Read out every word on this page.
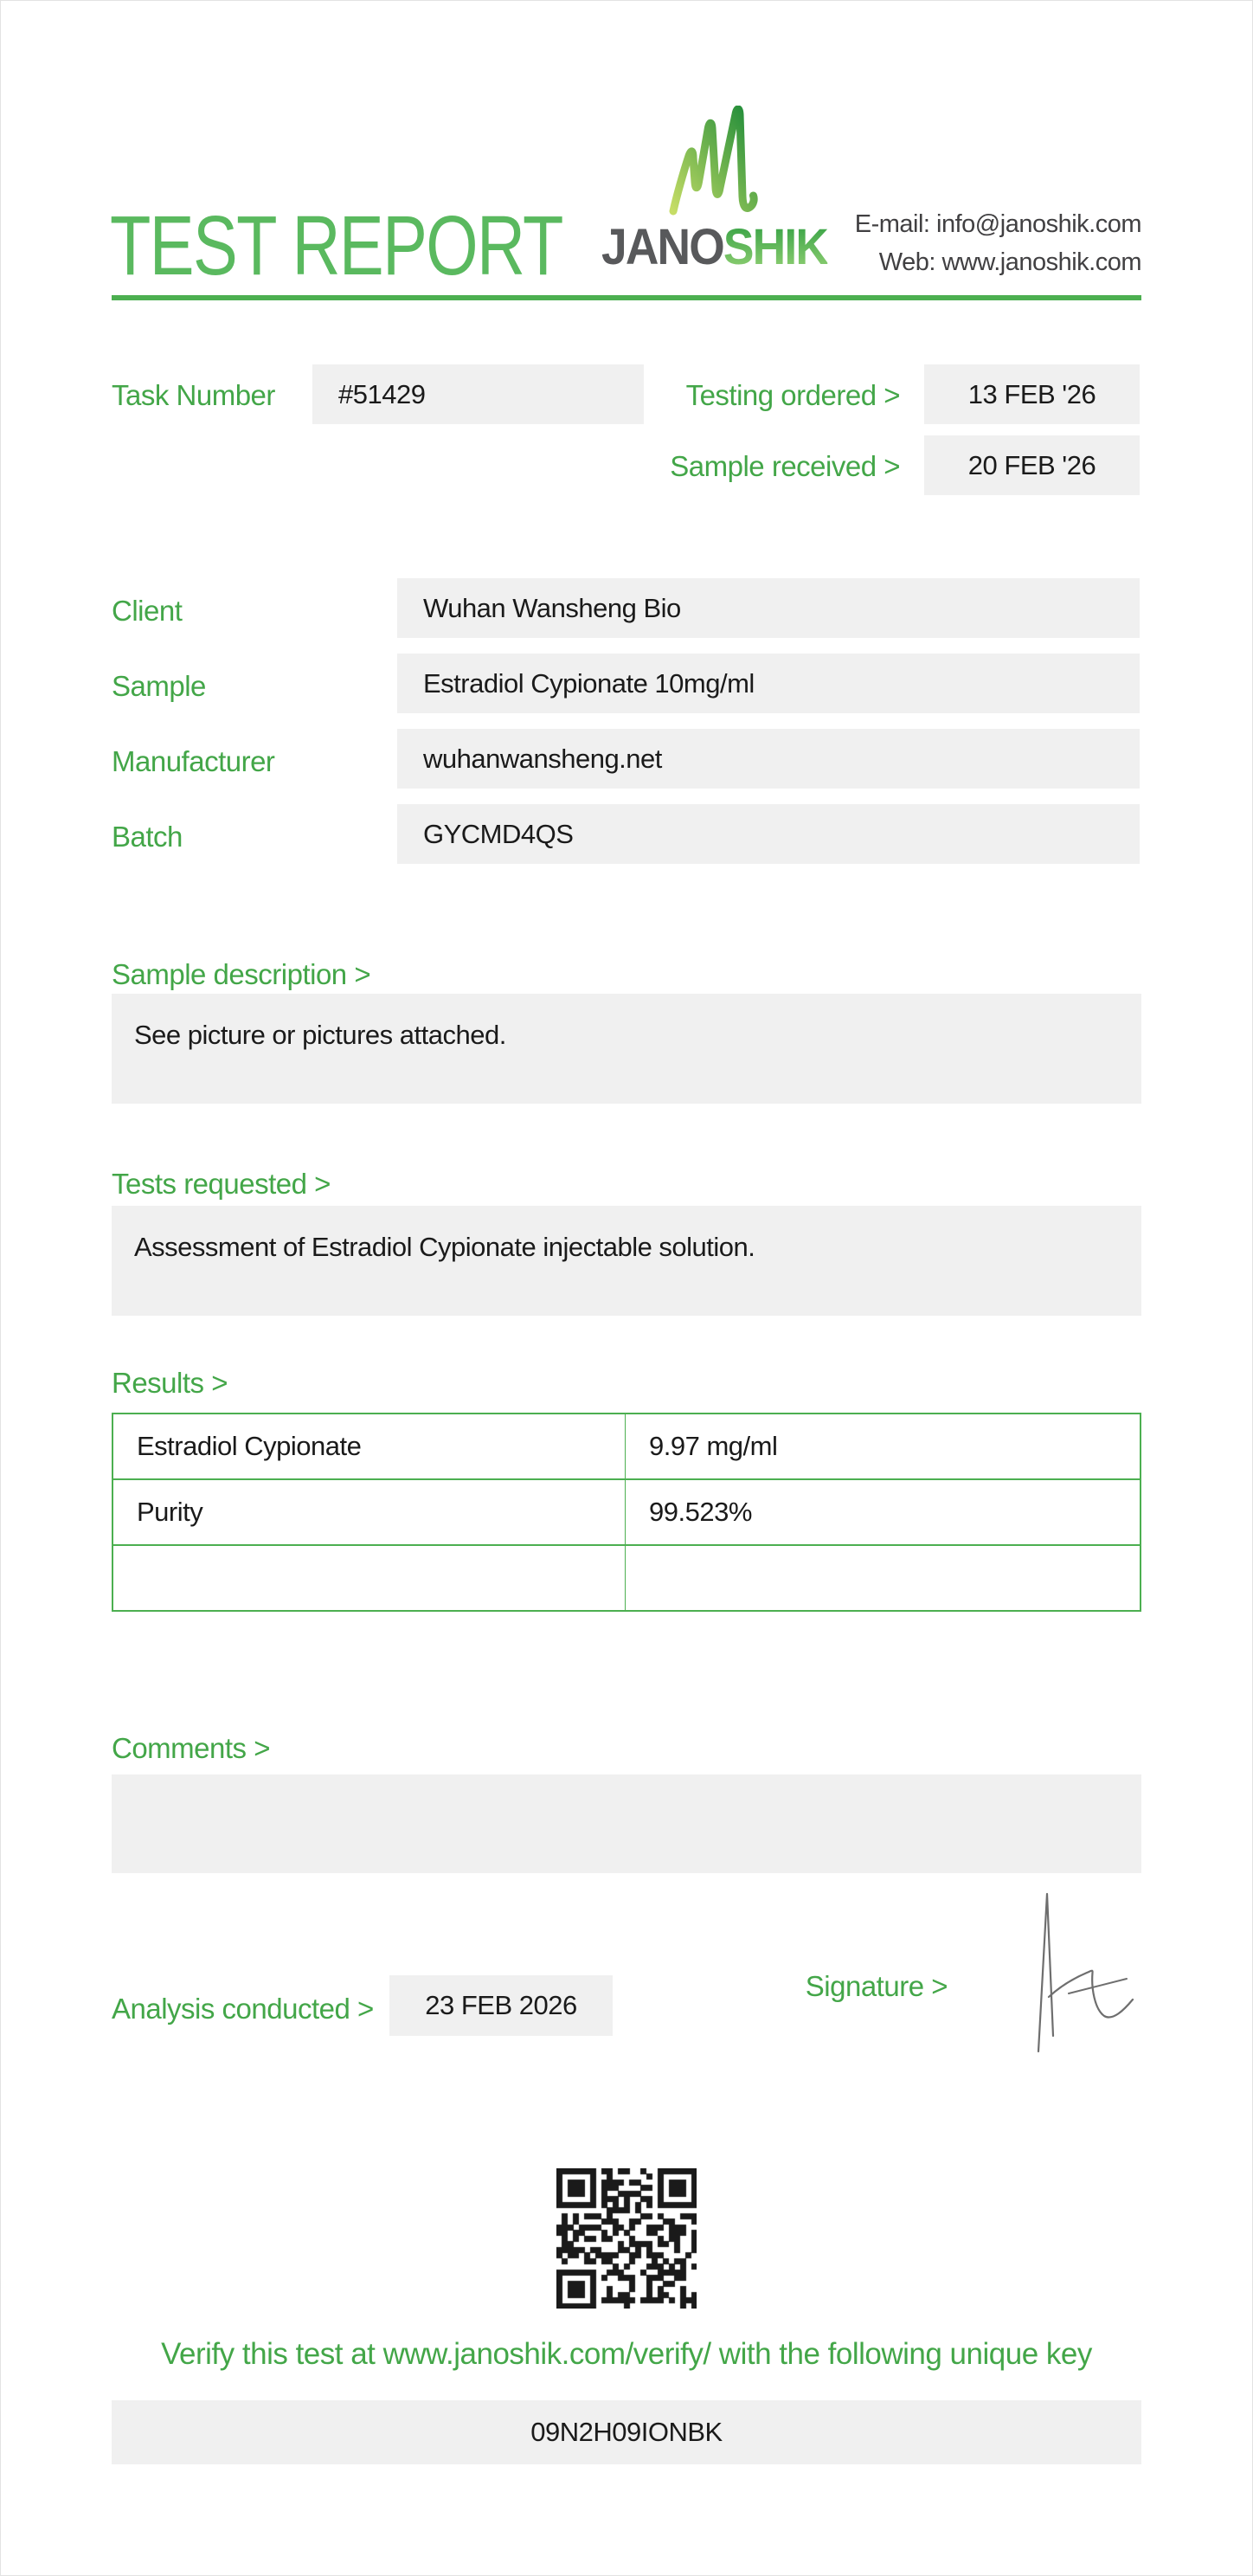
TEST REPORT JANOSHIK E-mail: info@janoshik.com
Web: www.janoshik.com
Task Number	#51429	Testing ordered >	13 FEB '26
Sample received >	20 FEB '26
Client	Wuhan Wansheng Bio
Sample	Estradiol Cypionate 10mg/ml
Manufacturer	wuhanwansheng.net
Batch	GYCMD4QS
Sample description >
See picture or pictures attached.
Tests requested >
Assessment of Estradiol Cypionate injectable solution.
Results >
Estradiol Cypionate	9.97 mg/ml
Purity	99.523%
Comments >
Signature >
Analysis conducted >	23 FEB 2026
Verify this test at www.janoshik.com/verify/ with the following unique key
09N2H09IONBK
